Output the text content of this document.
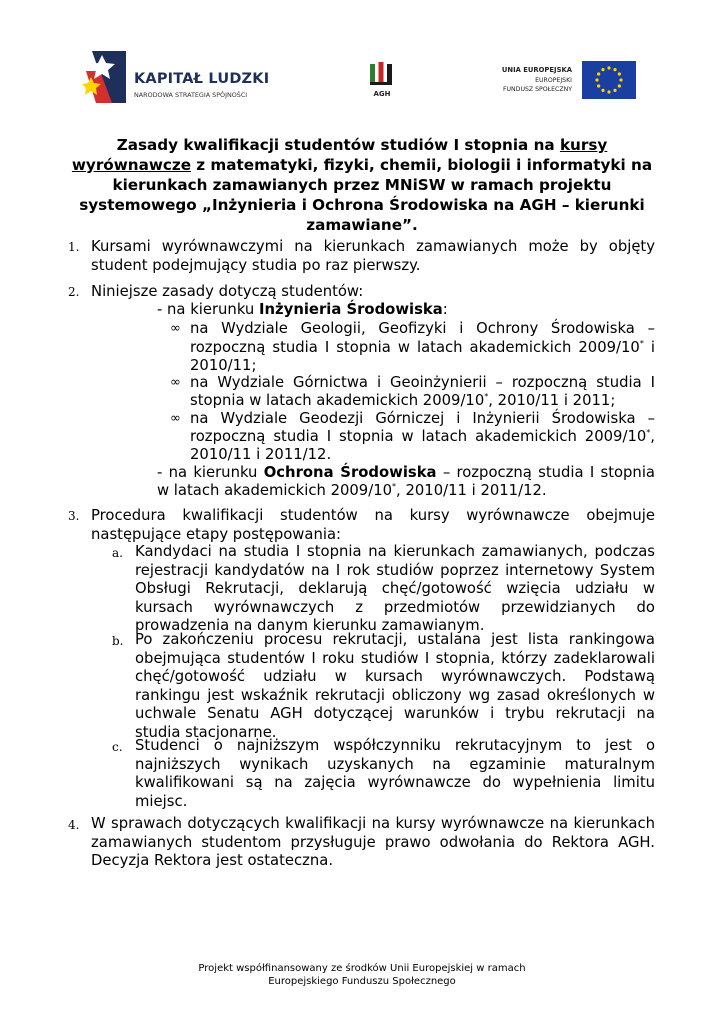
KAPITAŁ LUDZKI
NARODOWA STRATEGIA SPÓJNOŚCI	AGH
UNIA EUROPEJSKA
EUROPEJSKI
FUNDUSZ SPOŁECZNY
Zasady kwalifikacji studentów studiów I stopnia na kursy
wyrównawcze z matematyki, fizyki, chemii, biologii i informatyki na
kierunkach zamawianych przez MNiSW w ramach projektu
systemowego „Inżynieria i Ochrona Środowiska na AGH – kierunki
zamawiane”.
1. Kursami wyrównawczymi na kierunkach zamawianych może by objęty student podejmujący studia po raz pierwszy.
2. Niniejsze zasady dotyczą studentów:
- na kierunku Inżynieria Środowiska:
∞ na Wydziale Geologii, Geofizyki i Ochrony Środowiska –
rozpoczną studia I stopnia w latach akademickich 2009/10* i
2010/11;
∞ na Wydziale Górnictwa i Geoinżynierii – rozpoczną studia I
stopnia w latach akademickich 2009/10*, 2010/11 i 2011;
∞ na Wydziale Geodezji Górniczej i Inżynierii Środowiska –
rozpoczną studia I stopnia w latach akademickich 2009/10*,
2010/11 i 2011/12.
- na kierunku Ochrona Środowiska – rozpoczną studia I stopnia
w latach akademickich 2009/10*, 2010/11 i 2011/12.
3. Procedura kwalifikacji studentów na kursy wyrównawcze obejmuje następujące etapy postępowania:
a. Kandydaci na studia I stopnia na kierunkach zamawianych, podczas rejestracji kandydatów na I rok studiów poprzez internetowy System Obsługi Rekrutacji, deklarują chęć/gotowość wzięcia udziału w kursach wyrównawczych z przedmiotów przewidzianych do prowadzenia na danym kierunku zamawianym.
b. Po zakończeniu procesu rekrutacji, ustalana jest lista rankingowa obejmująca studentów I roku studiów I stopnia, którzy zadeklarowali chęć/gotowość udziału w kursach wyrównawczych. Podstawą rankingu jest wskaźnik rekrutacji obliczony wg zasad określonych w uchwale Senatu AGH dotyczącej warunków i trybu rekrutacji na studia stacjonarne.
c. Studenci o najniższym współczynniku rekrutacyjnym to jest o najniższych wynikach uzyskanych na egzaminie maturalnym kwalifikowani są na zajęcia wyrównawcze do wypełnienia limitu miejsc.
4. W sprawach dotyczących kwalifikacji na kursy wyrównawcze na kierunkach zamawianych studentom przysługuje prawo odwołania do Rektora AGH. Decyzja Rektora jest ostateczna.
Projekt współfinansowany ze środków Unii Europejskiej w ramach
Europejskiego Funduszu Społecznego
